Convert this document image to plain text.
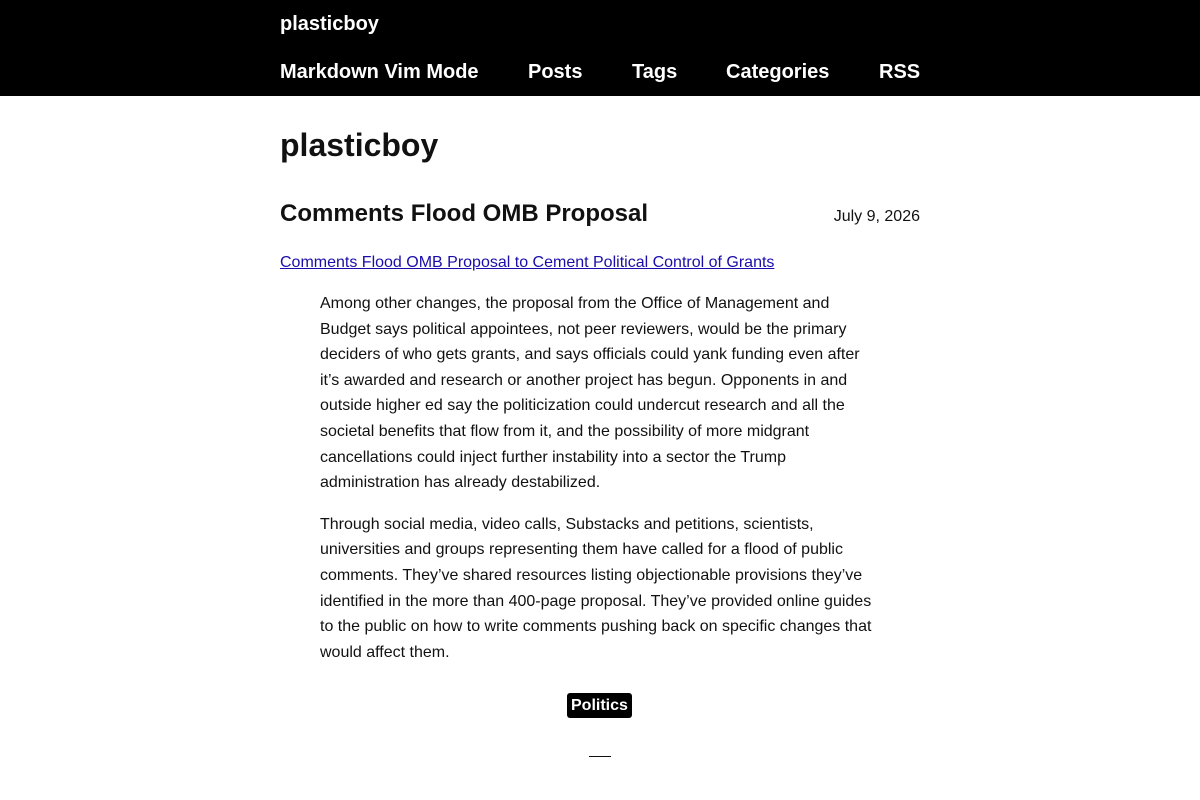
plasticboy
Markdown Vim Mode Posts Tags Categories RSS
plasticboy
Comments Flood OMB Proposal	July 9, 2026
Comments Flood OMB Proposal to Cement Political Control of Grants

Among other changes, the proposal from the Office of Management and Budget says political appointees, not peer reviewers, would be the primary deciders of who gets grants, and says officials could yank funding even after it’s awarded and research or another project has begun. Opponents in and outside higher ed say the politicization could undercut research and all the societal benefits that flow from it, and the possibility of more midgrant cancellations could inject further instability into a sector the Trump administration has already destabilized.

Through social media, video calls, Substacks and petitions, scientists, universities and groups representing them have called for a flood of public comments. They’ve shared resources listing objectionable provisions they’ve identified in the more than 400-page proposal. They’ve provided online guides to the public on how to write comments pushing back on specific changes that would affect them.

Politics
